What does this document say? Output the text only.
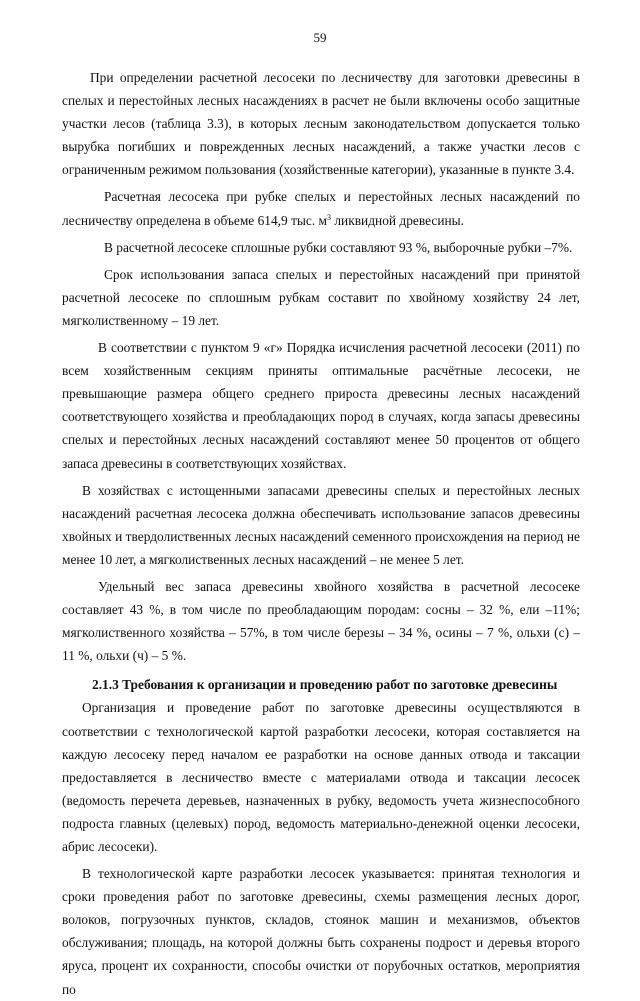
59

При определении расчетной лесосеки по лесничеству для заготовки древесины в спелых и перестойных лесных насаждениях в расчет не были включены особо защитные участки лесов (таблица 3.3), в которых лесным законодательством допускается только вырубка погибших и поврежденных лесных насаждений, а также участки лесов с ограниченным режимом пользования (хозяйственные категории), указанные в пункте 3.4.

Расчетная лесосека при рубке спелых и перестойных лесных насаждений по лесничеству определена в объеме 614,9 тыс. $м^3$ ликвидной древесины.

В расчетной лесосеке сплошные рубки составляют 93 %, выборочные рубки –7%.

Срок использования запаса спелых и перестойных насаждений при принятой расчетной лесосеке по сплошным рубкам составит по хвойному хозяйству 24 лет, мягколиственному – 19 лет.

В соответствии с пунктом 9 «г» Порядка исчисления расчетной лесосеки (2011) по всем хозяйственным секциям приняты оптимальные расчётные лесосеки, не превышающие размера общего среднего прироста древесины лесных насаждений соответствующего хозяйства и преобладающих пород в случаях, когда запасы древесины спелых и перестойных лесных насаждений составляют менее 50 процентов от общего запаса древесины в соответствующих хозяйствах.

В хозяйствах с истощенными запасами древесины спелых и перестойных лесных насаждений расчетная лесосека должна обеспечивать использование запасов древесины хвойных и твердолиственных лесных насаждений семенного происхождения на период не менее 10 лет, а мягколиственных лесных насаждений – не менее 5 лет.

Удельный вес запаса древесины хвойного хозяйства в расчетной лесосеке составляет 43 %, в том числе по преобладающим породам: сосны – 32 %, ели –11%; мягколиственного хозяйства – 57%, в том числе березы – 34 %, осины – 7 %, ольхи (с) – 11 %, ольхи (ч) – 5 %.

2.1.3 Требования к организации и проведению работ по заготовке древесины

Организация и проведение работ по заготовке древесины осуществляются в соответствии с технологической картой разработки лесосеки, которая составляется на каждую лесосеку перед началом ее разработки на основе данных отвода и таксации предоставляется в лесничество вместе с материалами отвода и таксации лесосек (ведомость перечета деревьев, назначенных в рубку, ведомость учета жизнеспособного подроста главных (целевых) пород, ведомость материально-денежной оценки лесосеки, абрис лесосеки).

В технологической карте разработки лесосек указывается: принятая технология и сроки проведения работ по заготовке древесины, схемы размещения лесных дорог, волоков, погрузочных пунктов, складов, стоянок машин и механизмов, объектов обслуживания; площадь, на которой должны быть сохранены подрост и деревья второго яруса, процент их сохранности, способы очистки от порубочных остатков, мероприятия по
